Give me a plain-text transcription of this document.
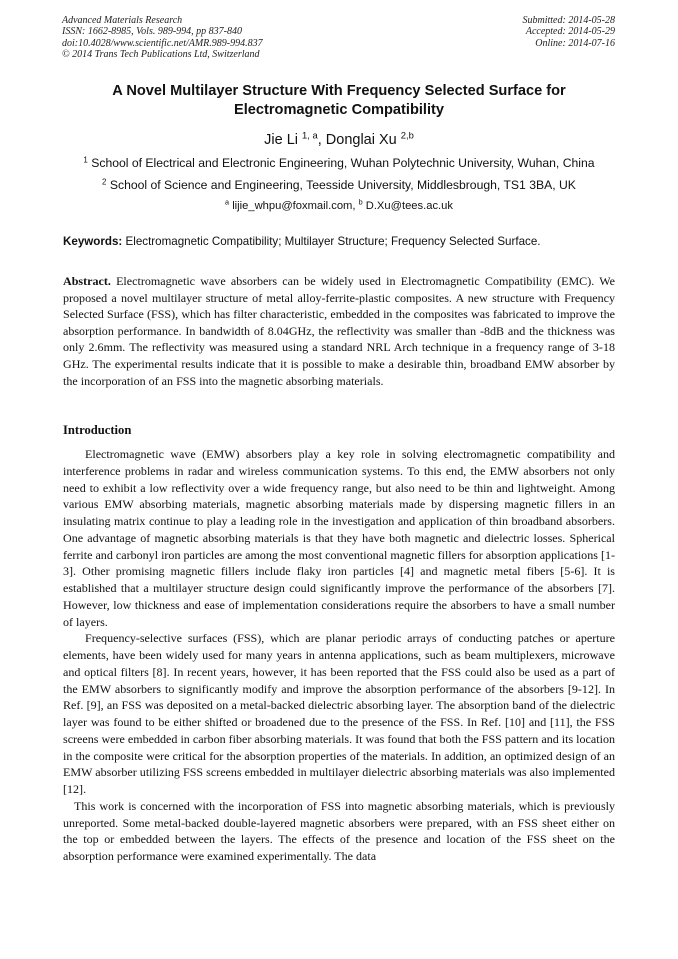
Advanced Materials Research
ISSN: 1662-8985, Vols. 989-994, pp 837-840
doi:10.4028/www.scientific.net/AMR.989-994.837
© 2014 Trans Tech Publications Ltd, Switzerland
Submitted: 2014-05-28
Accepted: 2014-05-29
Online: 2014-07-16
A Novel Multilayer Structure With Frequency Selected Surface for
Electromagnetic Compatibility
Jie Li $^{1, a}$, Donglai Xu $^{2,b}$
$^1$ School of Electrical and Electronic Engineering, Wuhan Polytechnic University, Wuhan, China
$^2$ School of Science and Engineering, Teesside University, Middlesbrough, TS1 3BA, UK
$^a$ lijie_whpu@foxmail.com, $^b$ D.Xu@tees.ac.uk
Keywords: Electromagnetic Compatibility; Multilayer Structure; Frequency Selected Surface.
Abstract. Electromagnetic wave absorbers can be widely used in Electromagnetic Compatibility (EMC). We proposed a novel multilayer structure of metal alloy-ferrite-plastic composites. A new structure with Frequency Selected Surface (FSS), which has filter characteristic, embedded in the composites was fabricated to improve the absorption performance. In bandwidth of 8.04GHz, the reflectivity was smaller than -8dB and the thickness was only 2.6mm. The reflectivity was measured using a standard NRL Arch technique in a frequency range of 3-18 GHz. The experimental results indicate that it is possible to make a desirable thin, broadband EMW absorber by the incorporation of an FSS into the magnetic absorbing materials.
Introduction

Electromagnetic wave (EMW) absorbers play a key role in solving electromagnetic compatibility and interference problems in radar and wireless communication systems. To this end, the EMW absorbers not only need to exhibit a low reflectivity over a wide frequency range, but also need to be thin and lightweight. Among various EMW absorbing materials, magnetic absorbing materials made by dispersing magnetic fillers in an insulating matrix continue to play a leading role in the investigation and application of thin broadband absorbers. One advantage of magnetic absorbing materials is that they have both magnetic and dielectric losses. Spherical ferrite and carbonyl iron particles are among the most conventional magnetic fillers for absorption applications [1-3]. Other promising magnetic fillers include flaky iron particles [4] and magnetic metal fibers [5-6]. It is established that a multilayer structure design could significantly improve the performance of the absorbers [7]. However, low thickness and ease of implementation considerations require the absorbers to have a small number of layers.

Frequency-selective surfaces (FSS), which are planar periodic arrays of conducting patches or aperture elements, have been widely used for many years in antenna applications, such as beam multiplexers, microwave and optical filters [8]. In recent years, however, it has been reported that the FSS could also be used as a part of the EMW absorbers to significantly modify and improve the absorption performance of the absorbers [9-12]. In Ref. [9], an FSS was deposited on a metal-backed dielectric absorbing layer. The absorption band of the dielectric layer was found to be either shifted or broadened due to the presence of the FSS. In Ref. [10] and [11], the FSS screens were embedded in carbon fiber absorbing materials. It was found that both the FSS pattern and its location in the composite were critical for the absorption properties of the materials. In addition, an optimized design of an EMW absorber utilizing FSS screens embedded in multilayer dielectric absorbing materials was also implemented [12].

This work is concerned with the incorporation of FSS into magnetic absorbing materials, which is previously unreported. Some metal-backed double-layered magnetic absorbers were prepared, with an FSS sheet either on the top or embedded between the layers. The effects of the presence and location of the FSS sheet on the absorption performance were examined experimentally. The data
